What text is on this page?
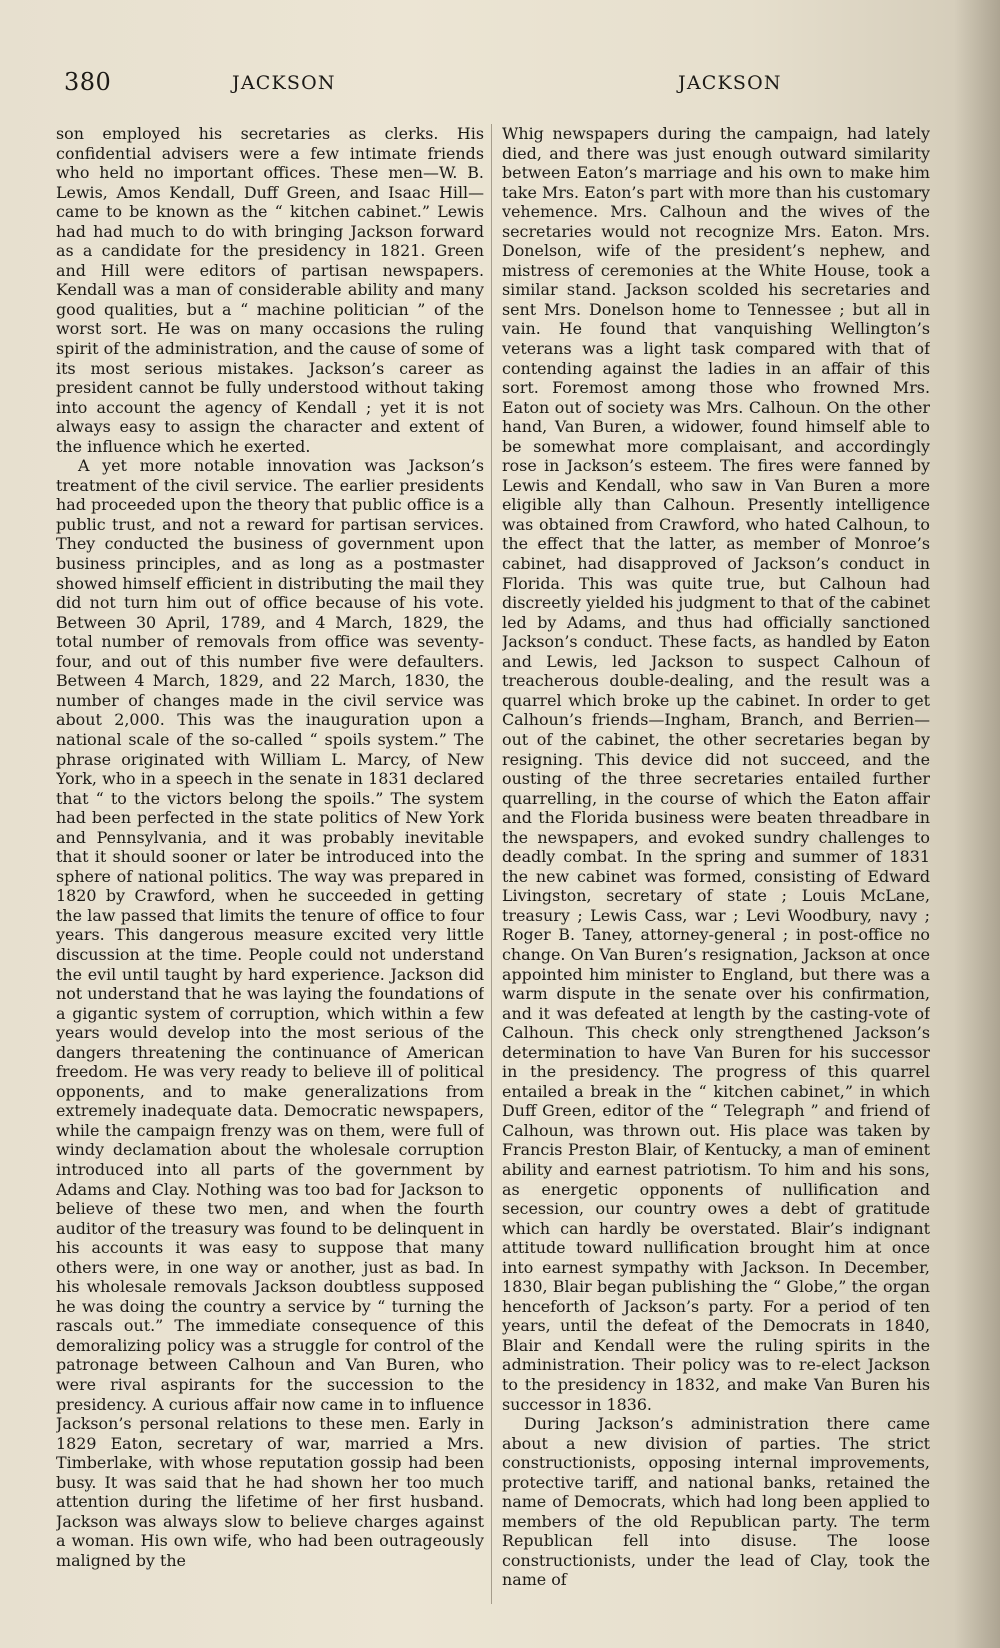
380	JACKSON	JACKSON

son employed his secretaries as clerks. His confidential advisers were a few intimate friends who held no important offices. These men—W. B. Lewis, Amos Kendall, Duff Green, and Isaac Hill—came to be known as the “ kitchen cabinet.” Lewis had had much to do with bringing Jackson forward as a candidate for the presidency in 1821. Green and Hill were editors of partisan newspapers. Kendall was a man of considerable ability and many good qualities, but a “ machine politician ” of the worst sort. He was on many occasions the ruling spirit of the administration, and the cause of some of its most serious mistakes. Jackson’s career as president cannot be fully understood without taking into account the agency of Kendall ; yet it is not always easy to assign the character and extent of the influence which he exerted.

A yet more notable innovation was Jackson’s treatment of the civil service. The earlier presidents had proceeded upon the theory that public office is a public trust, and not a reward for partisan services. They conducted the business of government upon business principles, and as long as a postmaster showed himself efficient in distributing the mail they did not turn him out of office because of his vote. Between 30 April, 1789, and 4 March, 1829, the total number of removals from office was seventy-four, and out of this number five were defaulters. Between 4 March, 1829, and 22 March, 1830, the number of changes made in the civil service was about 2,000. This was the inauguration upon a national scale of the so-called “ spoils system.” The phrase originated with William L. Marcy, of New York, who in a speech in the senate in 1831 declared that “ to the victors belong the spoils.” The system had been perfected in the state politics of New York and Pennsylvania, and it was probably inevitable that it should sooner or later be introduced into the sphere of national politics. The way was prepared in 1820 by Crawford, when he succeeded in getting the law passed that limits the tenure of office to four years. This dangerous measure excited very little discussion at the time. People could not understand the evil until taught by hard experience. Jackson did not understand that he was laying the foundations of a gigantic system of corruption, which within a few years would develop into the most serious of the dangers threatening the continuance of American freedom. He was very ready to believe ill of political opponents, and to make generalizations from extremely inadequate data. Democratic newspapers, while the campaign frenzy was on them, were full of windy declamation about the wholesale corruption introduced into all parts of the government by Adams and Clay. Nothing was too bad for Jackson to believe of these two men, and when the fourth auditor of the treasury was found to be delinquent in his accounts it was easy to suppose that many others were, in one way or another, just as bad. In his wholesale removals Jackson doubtless supposed he was doing the country a service by “ turning the rascals out.” The immediate consequence of this demoralizing policy was a struggle for control of the patronage between Calhoun and Van Buren, who were rival aspirants for the succession to the presidency. A curious affair now came in to influence Jackson’s personal relations to these men. Early in 1829 Eaton, secretary of war, married a Mrs. Timberlake, with whose reputation gossip had been busy. It was said that he had shown her too much attention during the lifetime of her first husband. Jackson was always slow to believe charges against a woman. His own wife, who had been outrageously maligned by the

Whig newspapers during the campaign, had lately died, and there was just enough outward similarity between Eaton’s marriage and his own to make him take Mrs. Eaton’s part with more than his customary vehemence. Mrs. Calhoun and the wives of the secretaries would not recognize Mrs. Eaton. Mrs. Donelson, wife of the president’s nephew, and mistress of ceremonies at the White House, took a similar stand. Jackson scolded his secretaries and sent Mrs. Donelson home to Tennessee ; but all in vain. He found that vanquishing Wellington’s veterans was a light task compared with that of contending against the ladies in an affair of this sort. Foremost among those who frowned Mrs. Eaton out of society was Mrs. Calhoun. On the other hand, Van Buren, a widower, found himself able to be somewhat more complaisant, and accordingly rose in Jackson’s esteem. The fires were fanned by Lewis and Kendall, who saw in Van Buren a more eligible ally than Calhoun. Presently intelligence was obtained from Crawford, who hated Calhoun, to the effect that the latter, as member of Monroe’s cabinet, had disapproved of Jackson’s conduct in Florida. This was quite true, but Calhoun had discreetly yielded his judgment to that of the cabinet led by Adams, and thus had officially sanctioned Jackson’s conduct. These facts, as handled by Eaton and Lewis, led Jackson to suspect Calhoun of treacherous double-dealing, and the result was a quarrel which broke up the cabinet. In order to get Calhoun’s friends—Ingham, Branch, and Berrien—out of the cabinet, the other secretaries began by resigning. This device did not succeed, and the ousting of the three secretaries entailed further quarrelling, in the course of which the Eaton affair and the Florida business were beaten threadbare in the newspapers, and evoked sundry challenges to deadly combat. In the spring and summer of 1831 the new cabinet was formed, consisting of Edward Livingston, secretary of state ; Louis McLane, treasury ; Lewis Cass, war ; Levi Woodbury, navy ; Roger B. Taney, attorney-general ; in post-office no change. On Van Buren’s resignation, Jackson at once appointed him minister to England, but there was a warm dispute in the senate over his confirmation, and it was defeated at length by the casting-vote of Calhoun. This check only strengthened Jackson’s determination to have Van Buren for his successor in the presidency. The progress of this quarrel entailed a break in the “ kitchen cabinet,” in which Duff Green, editor of the “ Telegraph ” and friend of Calhoun, was thrown out. His place was taken by Francis Preston Blair, of Kentucky, a man of eminent ability and earnest patriotism. To him and his sons, as energetic opponents of nullification and secession, our country owes a debt of gratitude which can hardly be overstated. Blair’s indignant attitude toward nullification brought him at once into earnest sympathy with Jackson. In December, 1830, Blair began publishing the “ Globe,” the organ henceforth of Jackson’s party. For a period of ten years, until the defeat of the Democrats in 1840, Blair and Kendall were the ruling spirits in the administration. Their policy was to re-elect Jackson to the presidency in 1832, and make Van Buren his successor in 1836.

During Jackson’s administration there came about a new division of parties. The strict constructionists, opposing internal improvements, protective tariff, and national banks, retained the name of Democrats, which had long been applied to members of the old Republican party. The term Republican fell into disuse. The loose constructionists, under the lead of Clay, took the name of
